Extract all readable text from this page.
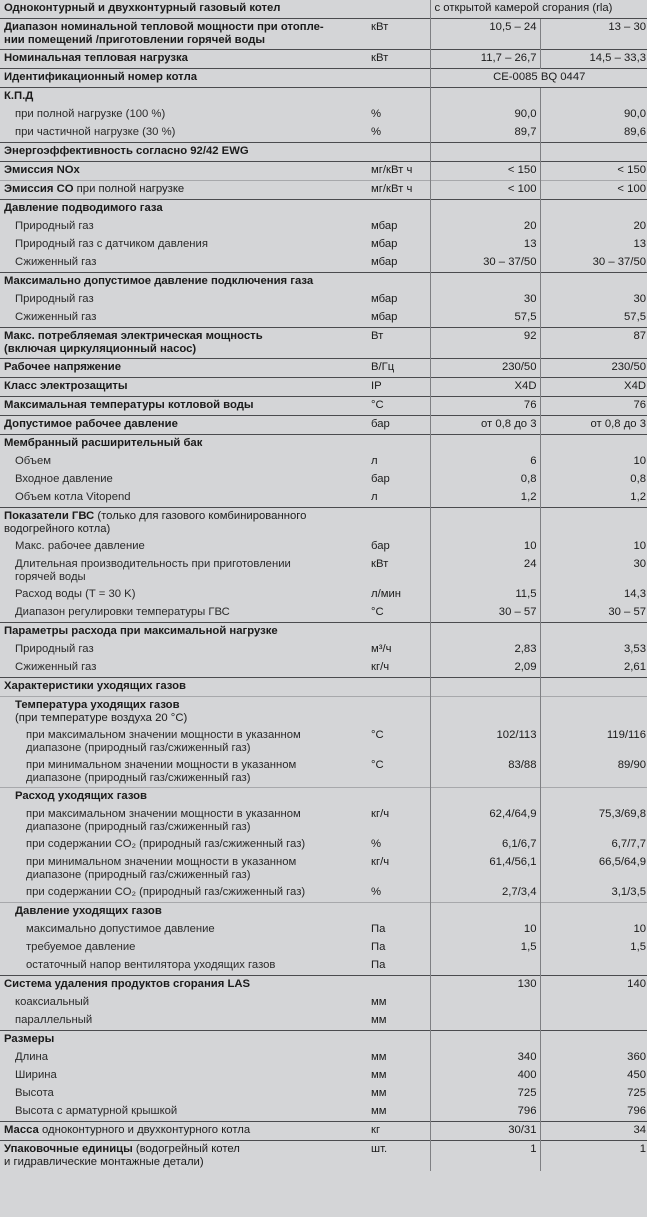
Одноконтурный и двухконтурный газовый котел		с открытой камерой сгорания (rla)	
Диапазон номинальной тепловой мощности при отопле-
нии помещений /приготовлении горячей воды	кВт	10,5 – 24	13 – 30
Номинальная тепловая нагрузка	кВт	11,7 – 26,7	14,5 – 33,3
Идентификационный номер котла		CE-0085 BQ 0447	
К.П.Д			
при полной нагрузке (100 %)	%	90,0	90,0
при частичной нагрузке (30 %)	%	89,7	89,6
Энергоэффективность согласно 92/42 EWG			
Эмиссия NOx	мг/кВт ч	< 150	< 150
Эмиссия CO при полной нагрузке	мг/кВт ч	< 100	< 100
Давление подводимого газа			
Природный газ	мбар	20	20
Природный газ с датчиком давления	мбар	13	13
Сжиженный газ	мбар	30 – 37/50	30 – 37/50
Максимально допустимое давление подключения газа			
Природный газ	мбар	30	30
Сжиженный газ	мбар	57,5	57,5
Макс. потребляемая электрическая мощность
(включая циркуляционный насос)	Вт	92	87
Рабочее напряжение	В/Гц	230/50	230/50
Класс электрозащиты	IP	X4D	X4D
Максимальная температуры котловой воды	°C	76	76
Допустимое рабочее давление	бар	от 0,8 до 3	от 0,8 до 3
Мембранный расширительный бак			
Объем	л	6	10
Входное давление	бар	0,8	0,8
Объем котла Vitopend	л	1,2	1,2
Показатели ГВС (только для газового комбинированного
водогрейного котла)			
Макс. рабочее давление	бар	10	10
Длительная производительность при приготовлении
горячей воды	кВт	24	30
Расход воды (T = 30 K)	л/мин	11,5	14,3
Диапазон регулировки температуры ГВС	°C	30 – 57	30 – 57
Параметры расхода при максимальной нагрузке			
Природный газ	м³/ч	2,83	3,53
Сжиженный газ	кг/ч	2,09	2,61
Характеристики уходящих газов			
Температура уходящих газов
(при температуре воздуха 20 °C)			
при максимальном значении мощности в указанном
диапазоне (природный газ/сжиженный газ)	°C	102/113	119/116
при минимальном значении мощности в указанном
диапазоне (природный газ/сжиженный газ)	°C	83/88	89/90
Расход уходящих газов			
при максимальном значении мощности в указанном
диапазоне (природный газ/сжиженный газ)	кг/ч	62,4/64,9	75,3/69,8
при содержании CO₂ (природный газ/сжиженный газ)	%	6,1/6,7	6,7/7,7
при минимальном значении мощности в указанном
диапазоне (природный газ/сжиженный газ)	кг/ч	61,4/56,1	66,5/64,9
при содержании CO₂ (природный газ/сжиженный газ)	%	2,7/3,4	3,1/3,5
Давление уходящих газов			
максимально допустимое давление	Па	10	10
требуемое давление	Па	1,5	1,5
остаточный напор вентилятора уходящих газов	Па		
Система удаления продуктов сгорания LAS		130	140
коаксиальный	мм		
параллельный	мм		
Размеры			
Длина	мм	340	360
Ширина	мм	400	450
Высота	мм	725	725
Высота с арматурной крышкой	мм	796	796
Масса одноконтурного и двухконтурного котла	кг	30/31	34
Упаковочные единицы (водогрейный котел
и гидравлические монтажные детали)	шт.	1	1
